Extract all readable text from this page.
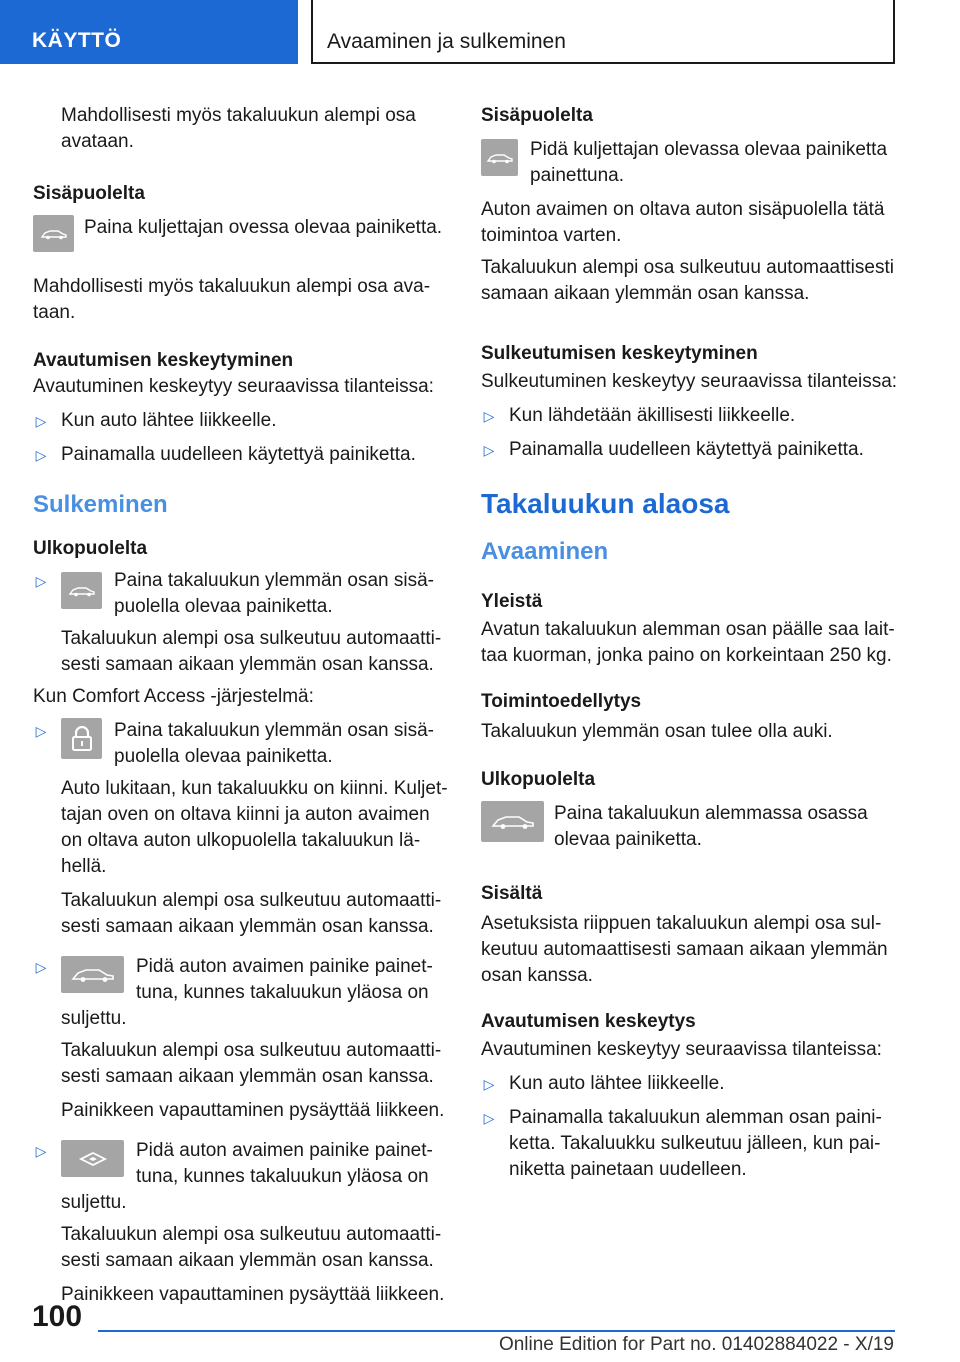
KÄYTTÖ	Avaaminen ja sulkeminen

Mahdollisesti myös takaluukun alempi osa avataan.

Sisäpuolelta

Paina kuljettajan ovessa olevaa painiketta.

Mahdollisesti myös takaluukun alempi osa ava-taan.

Avautumisen keskeytyminen

Avautuminen keskeytyy seuraavissa tilanteissa:

▷ Kun auto lähtee liikkeelle.
▷ Painamalla uudelleen käytettyä painiketta.

Sulkeminen

Ulkopuolelta

▷	Paina takaluukun ylemmän osan sisä-puolella olevaa painiketta.

Takaluukun alempi osa sulkeutuu automaatti-sesti samaan aikaan ylemmän osan kanssa.

Kun Comfort Access -järjestelmä:

▷	Paina takaluukun ylemmän osan sisä-puolella olevaa painiketta.

Auto lukitaan, kun takaluukku on kiinni. Kuljet-tajan oven on oltava kiinni ja auton avaimen on oltava auton ulkopuolella takaluukun lä-hellä.

Takaluukun alempi osa sulkeutuu automaatti-sesti samaan aikaan ylemmän osan kanssa.

▷	Pidä auton avaimen painike painet-tuna, kunnes takaluukun yläosa on suljettu.

Takaluukun alempi osa sulkeutuu automaatti-sesti samaan aikaan ylemmän osan kanssa.

Painikkeen vapauttaminen pysäyttää liikkeen.

▷	Pidä auton avaimen painike painet-tuna, kunnes takaluukun yläosa on suljettu.

Takaluukun alempi osa sulkeutuu automaatti-sesti samaan aikaan ylemmän osan kanssa.

Painikkeen vapauttaminen pysäyttää liikkeen.

Sisäpuolelta

Pidä kuljettajan olevassa olevaa painiketta painettuna.

Auton avaimen on oltava auton sisäpuolella tätä toimintoa varten.

Takaluukun alempi osa sulkeutuu automaattisesti samaan aikaan ylemmän osan kanssa.

Sulkeutumisen keskeytyminen

Sulkeutuminen keskeytyy seuraavissa tilanteissa:

▷ Kun lähdetään äkillisesti liikkeelle.
▷ Painamalla uudelleen käytettyä painiketta.

Takaluukun alaosa

Avaaminen

Yleistä

Avatun takaluukun alemman osan päälle saa lait-taa kuorman, jonka paino on korkeintaan 250 kg.

Toimintoedellytys

Takaluukun ylemmän osan tulee olla auki.

Ulkopuolelta

Paina takaluukun alemmassa osassa olevaa painiketta.

Sisältä

Asetuksista riippuen takaluukun alempi osa sul-keutuu automaattisesti samaan aikaan ylemmän osan kanssa.

Avautumisen keskeytys

Avautuminen keskeytyy seuraavissa tilanteissa:

▷ Kun auto lähtee liikkeelle.
▷ Painamalla takaluukun alemman osan paini-ketta. Takaluukku sulkeutuu jälleen, kun pai-niketta painetaan uudelleen.
100
Online Edition for Part no. 01402884022 - X/19
